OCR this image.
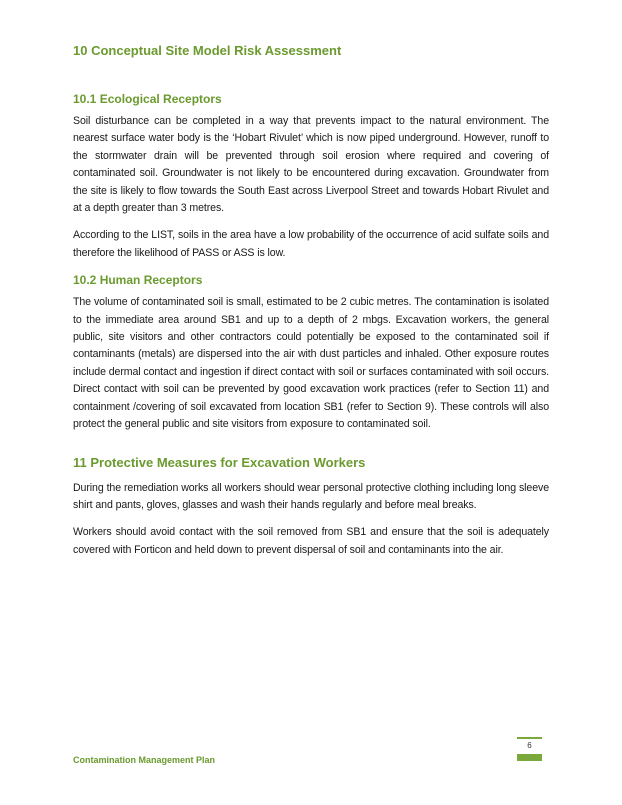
10 Conceptual Site Model Risk Assessment
10.1 Ecological Receptors

Soil disturbance can be completed in a way that prevents impact to the natural environment. The nearest surface water body is the ‘Hobart Rivulet’ which is now piped underground. However, runoff to the stormwater drain will be prevented through soil erosion where required and covering of contaminated soil. Groundwater is not likely to be encountered during excavation. Groundwater from the site is likely to flow towards the South East across Liverpool Street and towards Hobart Rivulet and at a depth greater than 3 metres.

According to the LIST, soils in the area have a low probability of the occurrence of acid sulfate soils and therefore the likelihood of PASS or ASS is low.

10.2 Human Receptors

The volume of contaminated soil is small, estimated to be 2 cubic metres. The contamination is isolated to the immediate area around SB1 and up to a depth of 2 mbgs. Excavation workers, the general public, site visitors and other contractors could potentially be exposed to the contaminated soil if contaminants (metals) are dispersed into the air with dust particles and inhaled. Other exposure routes include dermal contact and ingestion if direct contact with soil or surfaces contaminated with soil occurs. Direct contact with soil can be prevented by good excavation work practices (refer to Section 11) and containment /covering of soil excavated from location SB1 (refer to Section 9). These controls will also protect the general public and site visitors from exposure to contaminated soil.

11 Protective Measures for Excavation Workers

During the remediation works all workers should wear personal protective clothing including long sleeve shirt and pants, gloves, glasses and wash their hands regularly and before meal breaks.

Workers should avoid contact with the soil removed from SB1 and ensure that the soil is adequately covered with Forticon and held down to prevent dispersal of soil and contaminants into the air.

6
Contamination Management Plan
